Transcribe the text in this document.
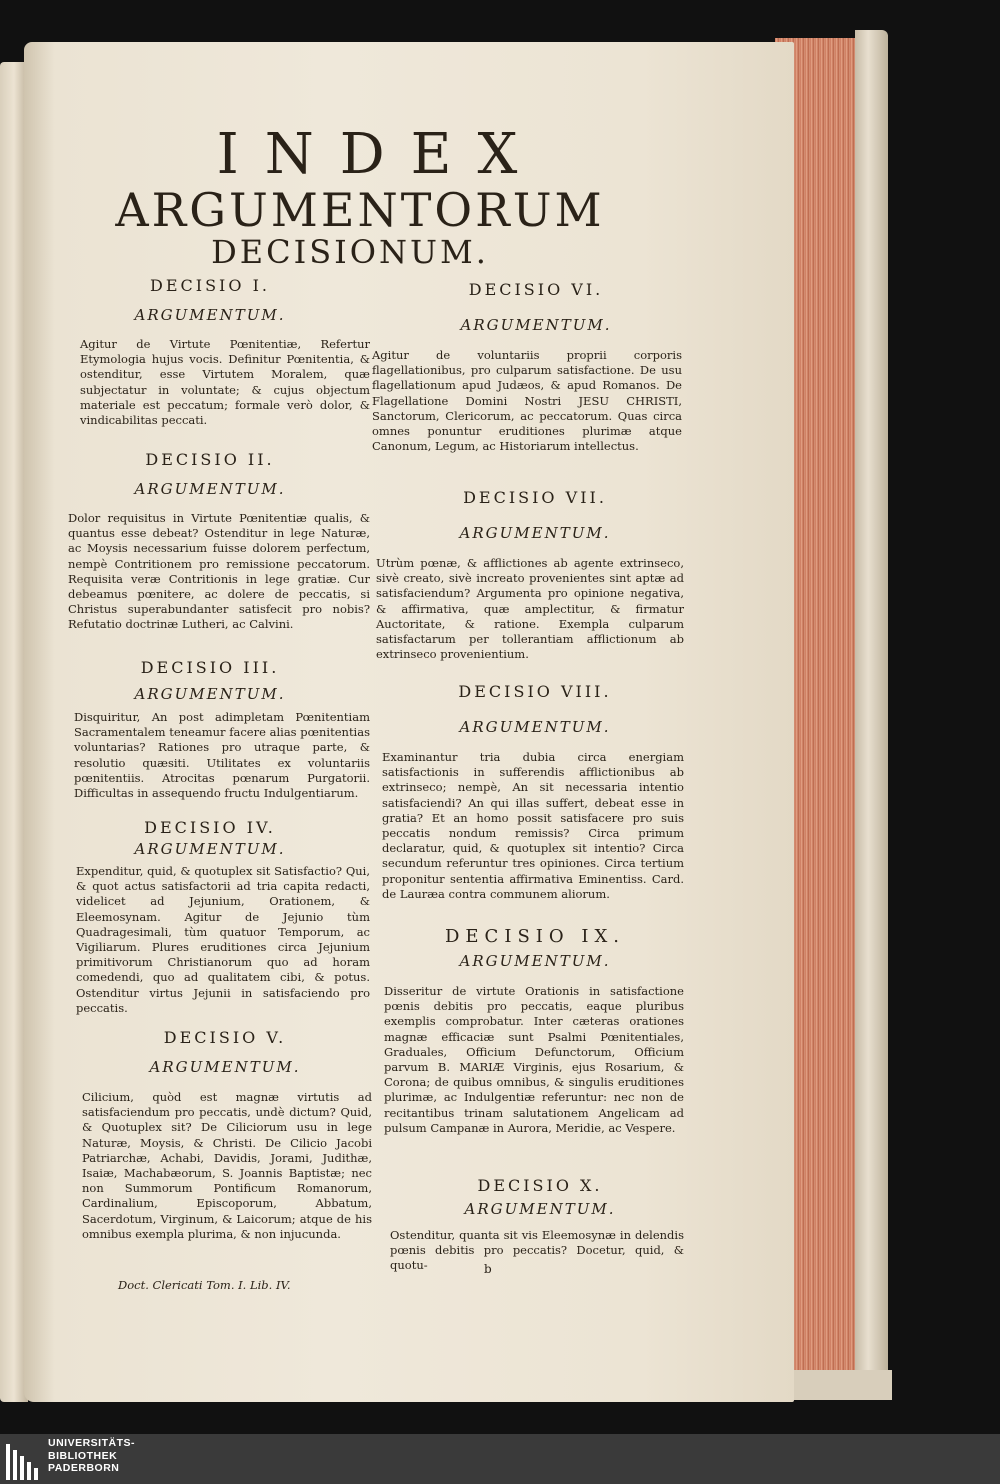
INDEX
ARGUMENTORUM
DECISIONUM.
DECISIO I.
ARGUMENTUM.
Agitur de Virtute Pœnitentiæ, Refertur Etymologia hujus vocis. Definitur Pœnitentia, & ostenditur, esse Virtutem Moralem, quæ subjectatur in voluntate; & cujus objectum materiale est peccatum; formale verò dolor, & vindicabilitas peccati.
DECISIO II.
ARGUMENTUM.
Dolor requisitus in Virtute Pœnitentiæ qualis, & quantus esse debeat? Ostenditur in lege Naturæ, ac Moysis necessarium fuisse dolorem perfectum, nempè Contritionem pro remissione peccatorum. Requisita veræ Contritionis in lege gratiæ. Cur debeamus pœnitere, ac dolere de peccatis, si Christus superabundanter satisfecit pro nobis? Refutatio doctrinæ Lutheri, ac Calvini.
DECISIO III.
ARGUMENTUM.
Disquiritur, An post adimpletam Pœnitentiam Sacramentalem teneamur facere alias pœnitentias voluntarias? Rationes pro utraque parte, & resolutio quæsiti. Utilitates ex voluntariis pœnitentiis. Atrocitas pœnarum Purgatorii. Difficultas in assequendo fructu Indulgentiarum.
DECISIO IV.
ARGUMENTUM.
Expenditur, quid, & quotuplex sit Satisfactio? Qui, & quot actus satisfactorii ad tria capita redacti, videlicet ad Jejunium, Orationem, & Eleemosynam. Agitur de Jejunio tùm Quadragesimali, tùm quatuor Temporum, ac Vigiliarum. Plures eruditiones circa Jejunium primitivorum Christianorum quo ad horam comedendi, quo ad qualitatem cibi, & potus. Ostenditur virtus Jejunii in satisfaciendo pro peccatis.
DECISIO V.
ARGUMENTUM.
Cilicium, quòd est magnæ virtutis ad satisfaciendum pro peccatis, undè dictum? Quid, & Quotuplex sit? De Ciliciorum usu in lege Naturæ, Moysis, & Christi. De Cilicio Jacobi Patriarchæ, Achabi, Davidis, Jorami, Judithæ, Isaiæ, Machabæorum, S. Joannis Baptistæ; nec non Summorum Pontificum Romanorum, Cardinalium, Episcoporum, Abbatum, Sacerdotum, Virginum, & Laicorum; atque de his omnibus exempla plurima, & non injucunda.
Doct. Clericati Tom. I. Lib. IV.
DECISIO VI.
ARGUMENTUM.
Agitur de voluntariis proprii corporis flagellationibus, pro culparum satisfactione. De usu flagellationum apud Judæos, & apud Romanos. De Flagellatione Domini Nostri JESU CHRISTI, Sanctorum, Clericorum, ac peccatorum. Quas circa omnes ponuntur eruditiones plurimæ atque Canonum, Legum, ac Historiarum intellectus.
DECISIO VII.
ARGUMENTUM.
Utrùm pœnæ, & afflictiones ab agente extrinseco, sivè creato, sivè increato provenientes sint aptæ ad satisfaciendum? Argumenta pro opinione negativa, & affirmativa, quæ amplectitur, & firmatur Auctoritate, & ratione. Exempla culparum satisfactarum per tollerantiam afflictionum ab extrinseco provenientium.
DECISIO VIII.
ARGUMENTUM.
Examinantur tria dubia circa energiam satisfactionis in sufferendis afflictionibus ab extrinseco; nempè, An sit necessaria intentio satisfaciendi? An qui illas suffert, debeat esse in gratia? Et an homo possit satisfacere pro suis peccatis nondum remissis? Circa primum declaratur, quid, & quotuplex sit intentio? Circa secundum referuntur tres opiniones. Circa tertium proponitur sententia affirmativa Eminentiss. Card. de Lauræa contra communem aliorum.
DECISIO IX.
ARGUMENTUM.
Disseritur de virtute Orationis in satisfactione pœnis debitis pro peccatis, eaque pluribus exemplis comprobatur. Inter cæteras orationes magnæ efficaciæ sunt Psalmi Pœnitentiales, Graduales, Officium Defunctorum, Officium parvum B. MARIÆ Virginis, ejus Rosarium, & Corona; de quibus omnibus, & singulis eruditiones plurimæ, ac Indulgentiæ referuntur: nec non de recitantibus trinam salutationem Angelicam ad pulsum Campanæ in Aurora, Meridie, ac Vespere.
DECISIO X.
ARGUMENTUM.
Ostenditur, quanta sit vis Eleemosynæ in delendis pœnis debitis pro peccatis? Docetur, quid, & quotu-	b
UNIVERSITÄTS-
BIBLIOTHEK
PADERBORN
